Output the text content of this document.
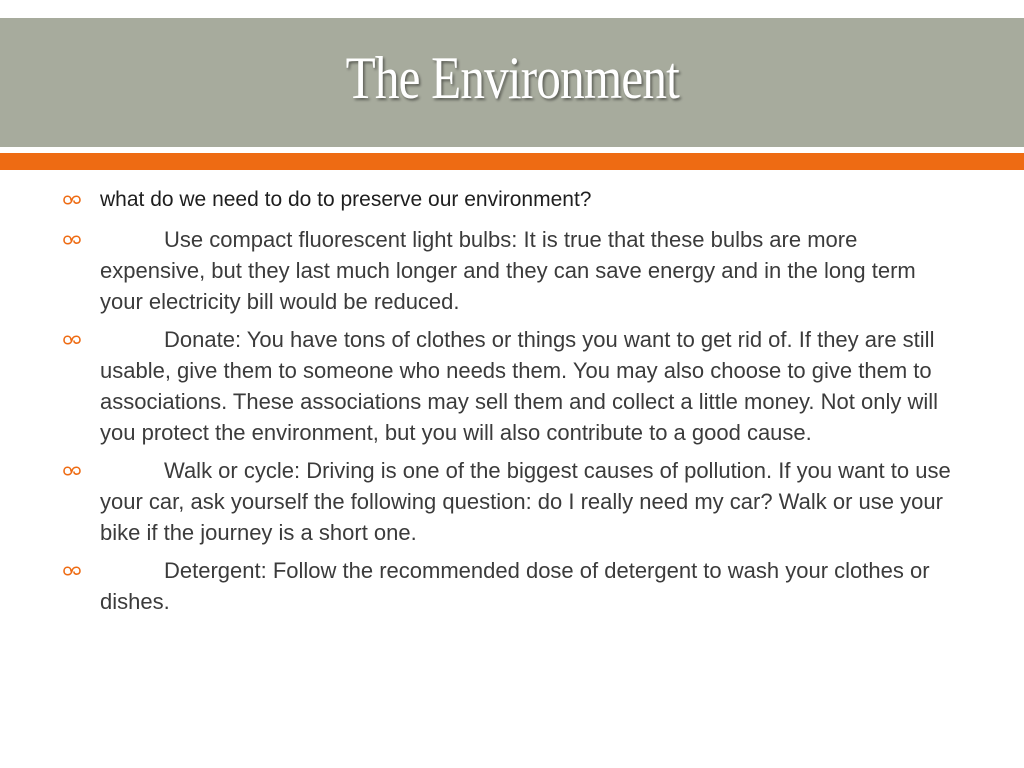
The Environment
what do we need to do to preserve our environment?
Use compact fluorescent light bulbs: It is true that these bulbs are more expensive, but they last much longer and they can save energy and in the long term your electricity bill would be reduced.
Donate: You have tons of clothes or things you want to get rid of. If they are still usable, give them to someone who needs them. You may also choose to give them to associations. These associations may sell them and collect a little money. Not only will you protect the environment, but you will also contribute to a good cause.
Walk or cycle: Driving is one of the biggest causes of pollution. If you want to use your car, ask yourself the following question: do I really need my car? Walk or use your bike if the journey is a short one.
Detergent: Follow the recommended dose of detergent to wash your clothes or dishes.
